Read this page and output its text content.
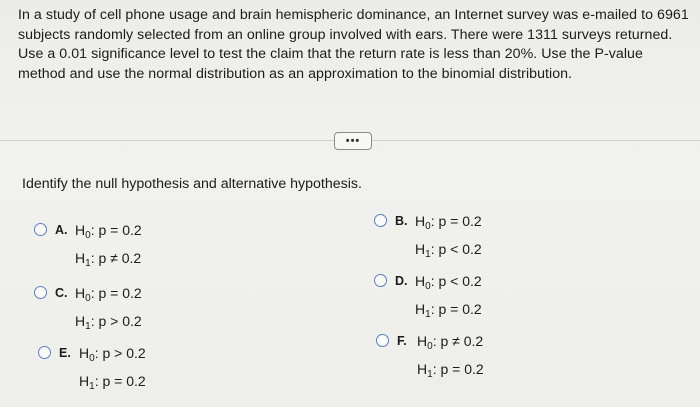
In a study of cell phone usage and brain hemispheric dominance, an Internet survey was e-mailed to 6961 subjects randomly selected from an online group involved with ears. There were 1311 surveys returned. Use a 0.01 significance level to test the claim that the return rate is less than 20%. Use the P-value method and use the normal distribution as an approximation to the binomial distribution.
•••
Identify the null hypothesis and alternative hypothesis.
A. $H_0$: p = 0.2
$H_1$: p ≠ 0.2
B. $H_0$: p = 0.2
$H_1$: p < 0.2
C. $H_0$: p = 0.2
$H_1$: p > 0.2
D. $H_0$: p < 0.2
$H_1$: p = 0.2
E. $H_0$: p > 0.2
$H_1$: p = 0.2
F. $H_0$: p ≠ 0.2
$H_1$: p = 0.2
